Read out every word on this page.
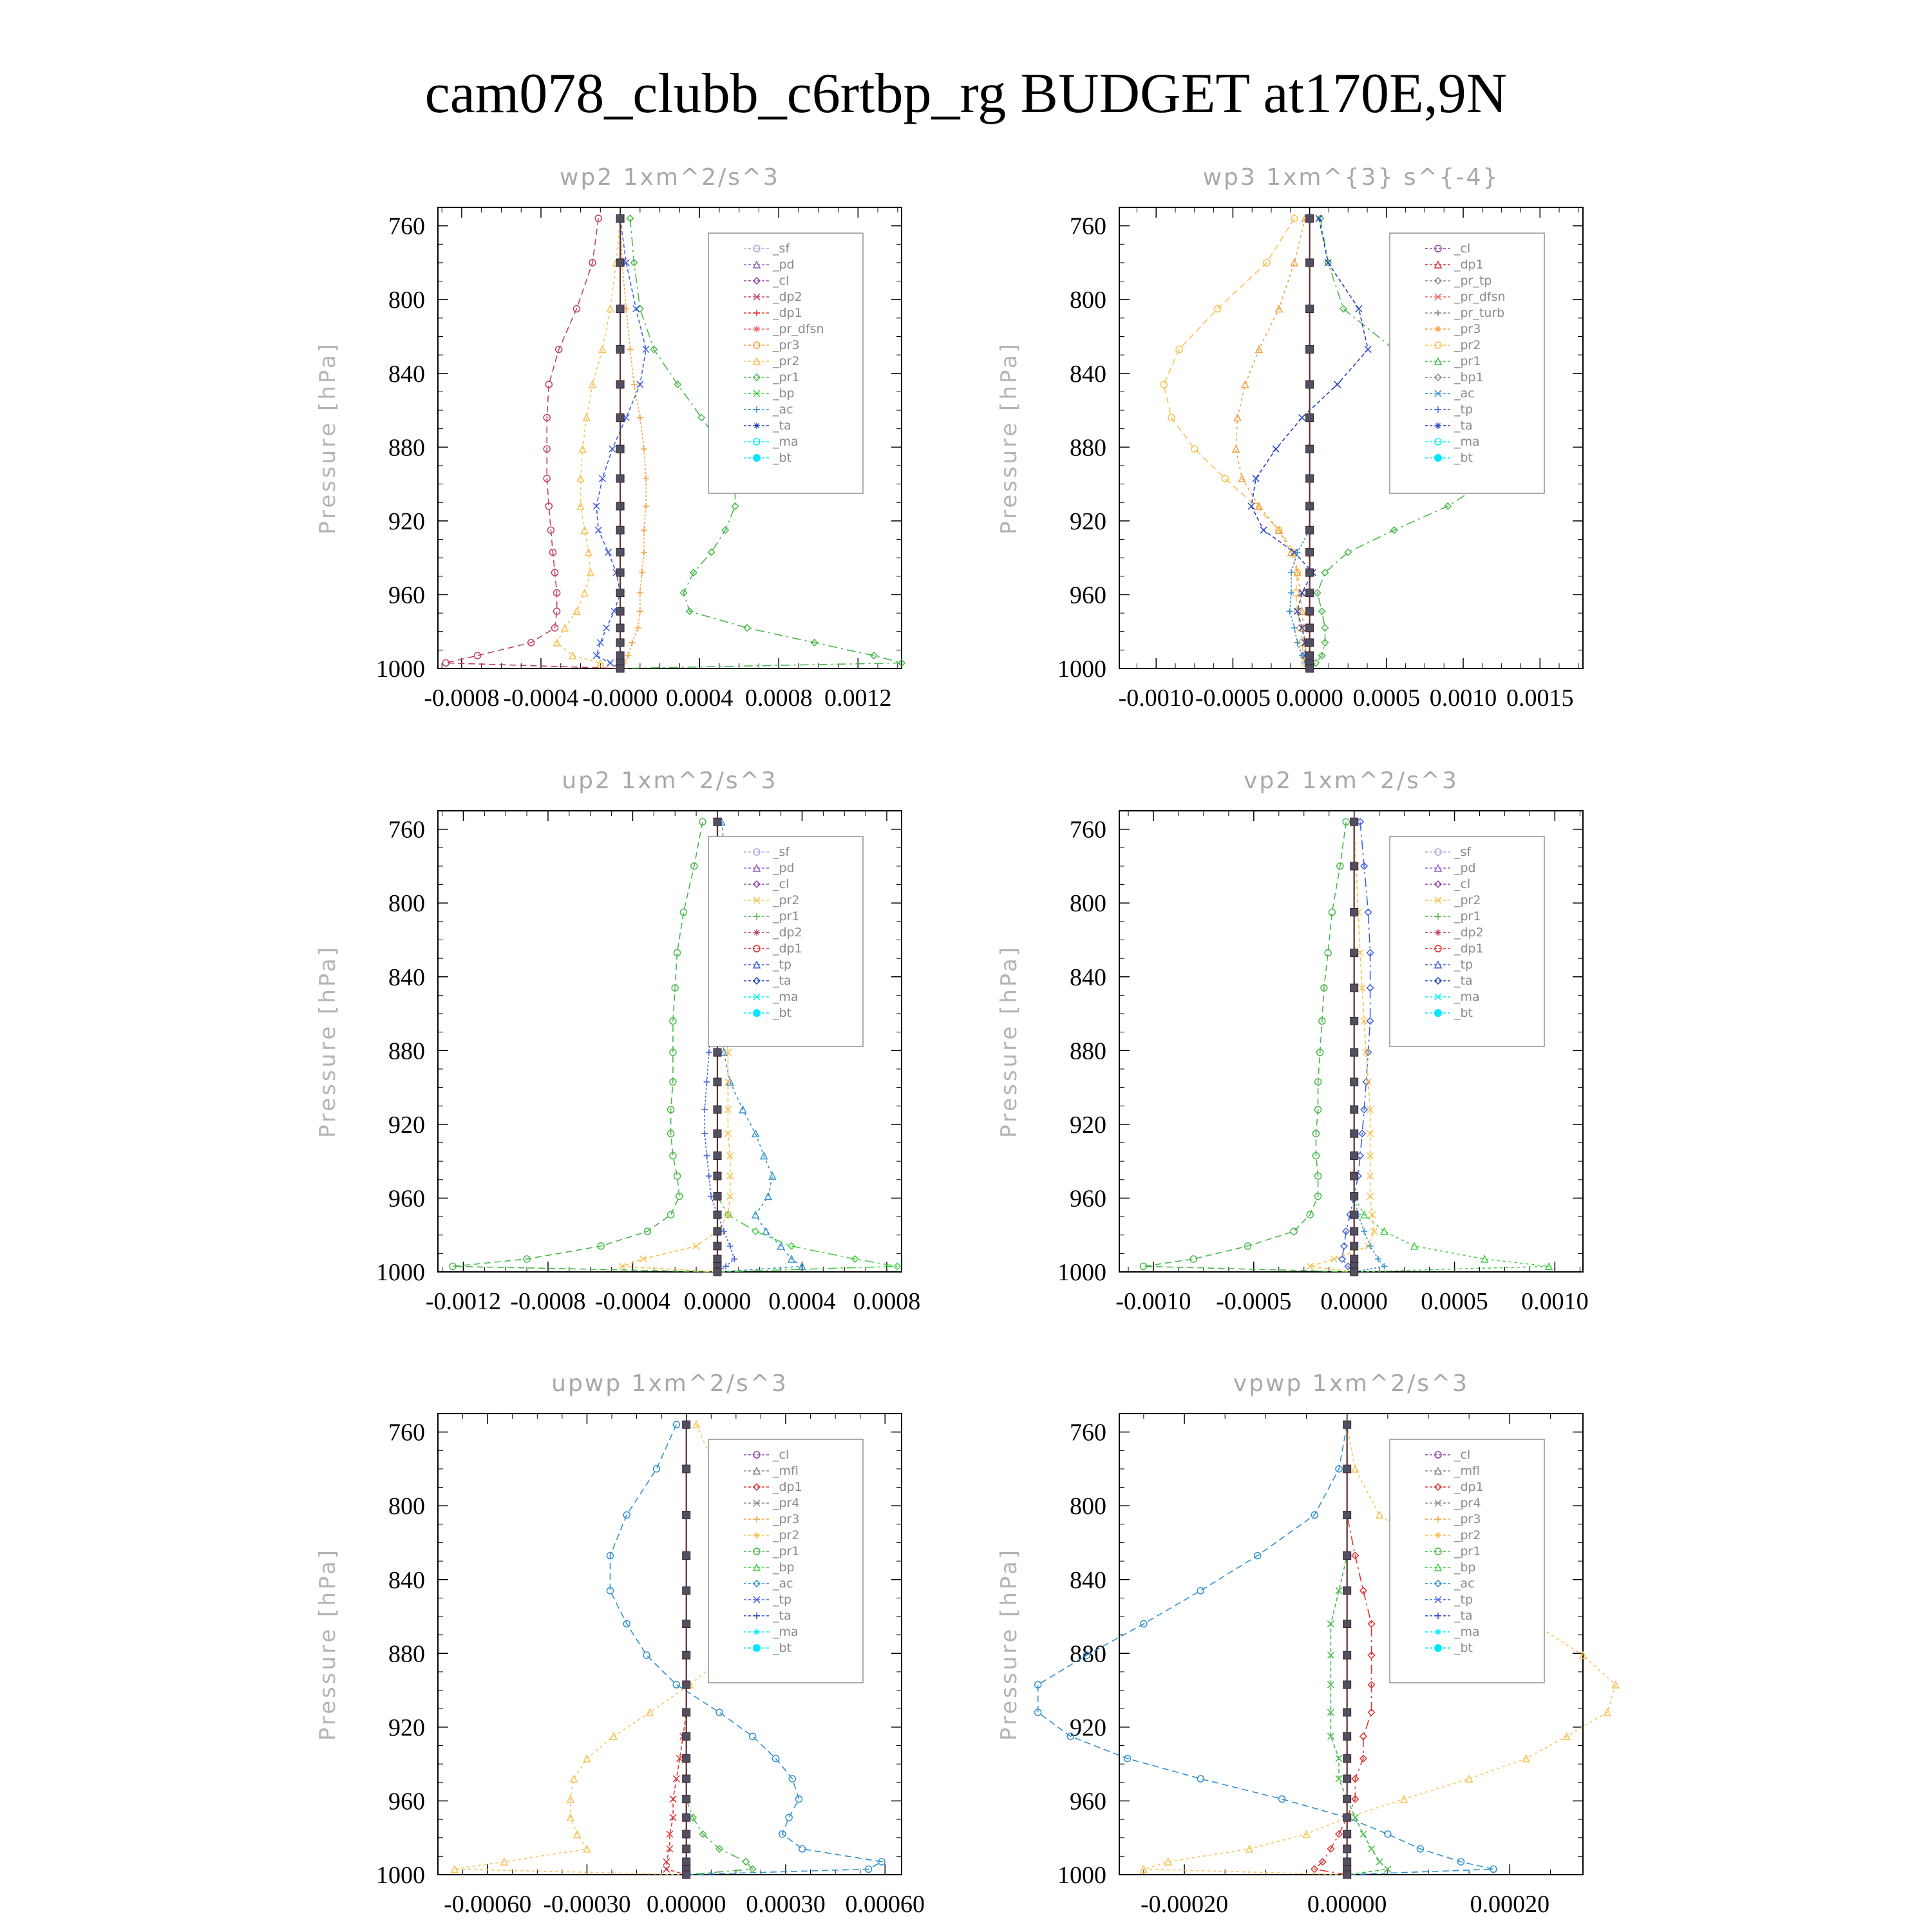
cam078_clubb_c6rtbp_rg BUDGET at170E,9N
wp2 1xm^2/s^3
Pressure [hPa]
760
800
840
880
920
960
1000
-0.0008 -0.0004 -0.0000 0.0004 0.0008 0.0012
_sf
_pd
_cl
_dp2
_dp1
_pr_dfsn
_pr3
_pr2
_pr1
_bp
_ac
_ta
_ma
_bt
wp3 1xm^{3} s^{-4}
Pressure [hPa]
760
800
840
880
920
960
1000
-0.0010 -0.0005 0.0000 0.0005 0.0010 0.0015
_cl
_dp1
_pr_tp
_pr_dfsn
_pr_turb
_pr3
_pr2
_pr1
_bp1
_ac
_tp
_ta
_ma
_bt
up2 1xm^2/s^3
Pressure [hPa]
760
800
840
880
920
960
1000
-0.0012 -0.0008 -0.0004 0.0000 0.0004 0.0008
_sf
_pd
_cl
_pr2
_pr1
_dp2
_dp1
_tp
_ta
_ma
_bt
vp2 1xm^2/s^3
Pressure [hPa]
760
800
840
880
920
960
1000
-0.0010 -0.0005 0.0000 0.0005 0.0010
_sf
_pd
_cl
_pr2
_pr1
_dp2
_dp1
_tp
_ta
_ma
_bt
upwp 1xm^2/s^3
Pressure [hPa]
760
800
840
880
920
960
1000
-0.00060 -0.00030 0.00000 0.00030 0.00060
_cl
_mfl
_dp1
_pr4
_pr3
_pr2
_pr1
_bp
_ac
_tp
_ta
_ma
_bt
vpwp 1xm^2/s^3
Pressure [hPa]
760
800
840
880
920
960
1000
-0.00020	0.00000	0.00020
_cl
_mfl
_dp1
_pr4
_pr3
_pr2
_pr1
_bp
_ac
_tp
_ta
_ma
_bt
